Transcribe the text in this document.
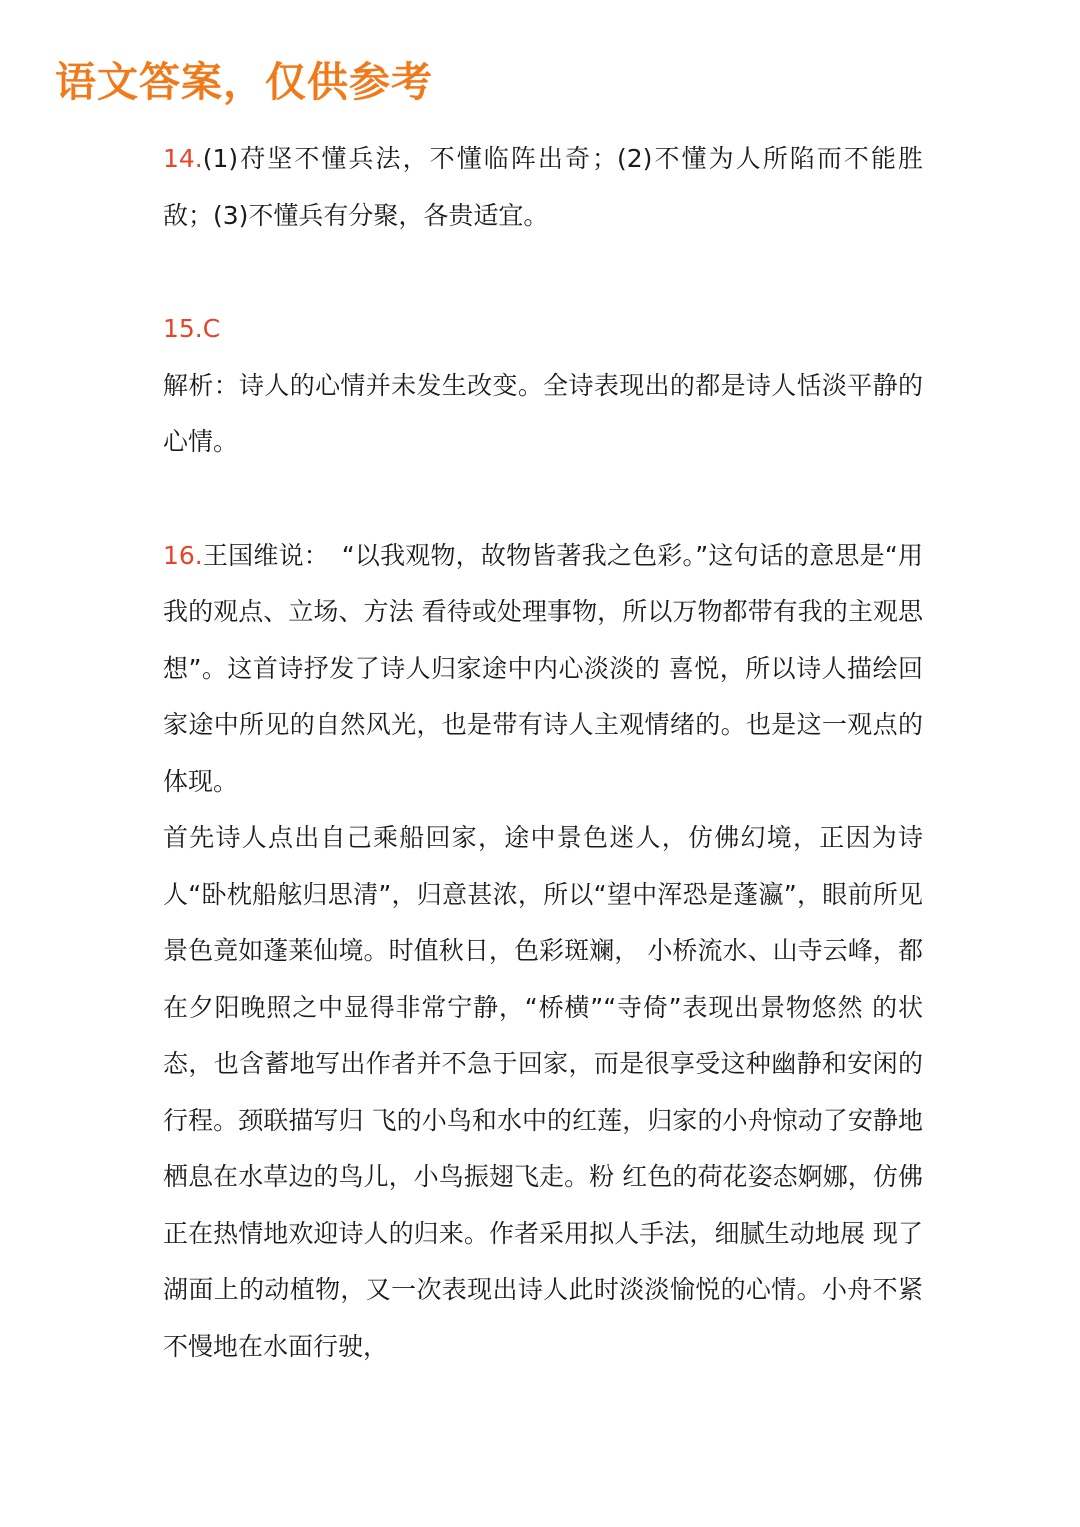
语文答案，仅供参考

14.(1)苻坚不懂兵法，不懂临阵出奇；(2)不懂为人所陷而不能胜敌；(3)不懂兵有分聚，各贵适宜。

15.C

解析：诗人的心情并未发生改变。全诗表现出的都是诗人恬淡平静的心情。

16.王国维说：　“以我观物，故物皆著我之色彩。”这句话的意思是“用我的观点、立场、方法 看待或处理事物，所以万物都带有我的主观思想”。这首诗抒发了诗人归家途中内心淡淡的 喜悦，所以诗人描绘回家途中所见的自然风光，也是带有诗人主观情绪的。也是这一观点的体现。

首先诗人点出自己乘船回家，途中景色迷人，仿佛幻境，正因为诗人“卧枕船舷归思清”，归意甚浓，所以“望中浑恐是蓬瀛”，眼前所见景色竟如蓬莱仙境。时值秋日，色彩斑斓， 小桥流水、山寺云峰，都在夕阳晚照之中显得非常宁静，“桥横”“寺倚”表现出景物悠然 的状态，也含蓄地写出作者并不急于回家，而是很享受这种幽静和安闲的行程。颈联描写归 飞的小鸟和水中的红莲，归家的小舟惊动了安静地栖息在水草边的鸟儿，小鸟振翅飞走。粉 红色的荷花姿态婀娜，仿佛正在热情地欢迎诗人的归来。作者采用拟人手法，细腻生动地展 现了湖面上的动植物，又一次表现出诗人此时淡淡愉悦的心情。小舟不紧不慢地在水面行驶，
